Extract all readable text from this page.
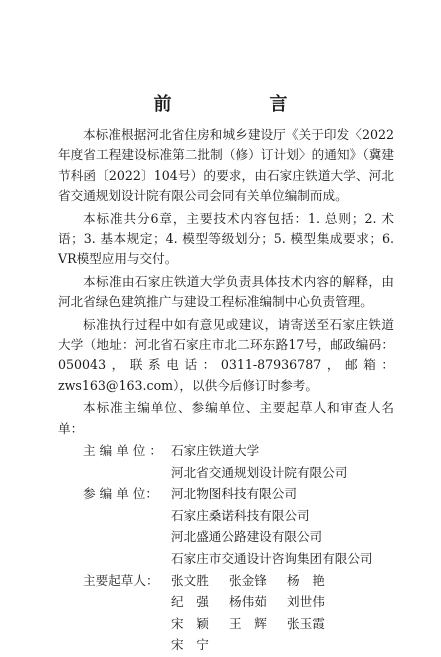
前　言

本标准根据河北省住房和城乡建设厅《关于印发〈2022年度省工程建设标准第二批制（修）订计划〉的通知》（冀建节科函〔2022〕104号）的要求，由石家庄铁道大学、河北省交通规划设计院有限公司会同有关单位编制而成。

本标准共分6章，主要技术内容包括：1. 总则；2. 术语；3. 基本规定；4. 模型等级划分；5. 模型集成要求；6. VR模型应用与交付。

本标准由石家庄铁道大学负责具体技术内容的解释，由河北省绿色建筑推广与建设工程标准编制中心负责管理。

标准执行过程中如有意见或建议，请寄送至石家庄铁道大学（地址：河北省石家庄市北二环东路17号，邮政编码：050043，联系电话：0311-87936787，邮箱：zws163@163.com），以供今后修订时参考。

本标准主编单位、参编单位、主要起草人和审查人名单：

主 编 单 位 ： 石家庄铁道大学
河北省交通规划设计院有限公司
参 编 单 位：	河北物图科技有限公司
石家庄桑诺科技有限公司
河北盛通公路建设有限公司
石家庄市交通设计咨询集团有限公司
主要起草人： 张文胜	张金锋	杨　艳
纪　强	杨伟茹	刘世伟
宋　颖	王　辉	张玉霞
宋　宁
